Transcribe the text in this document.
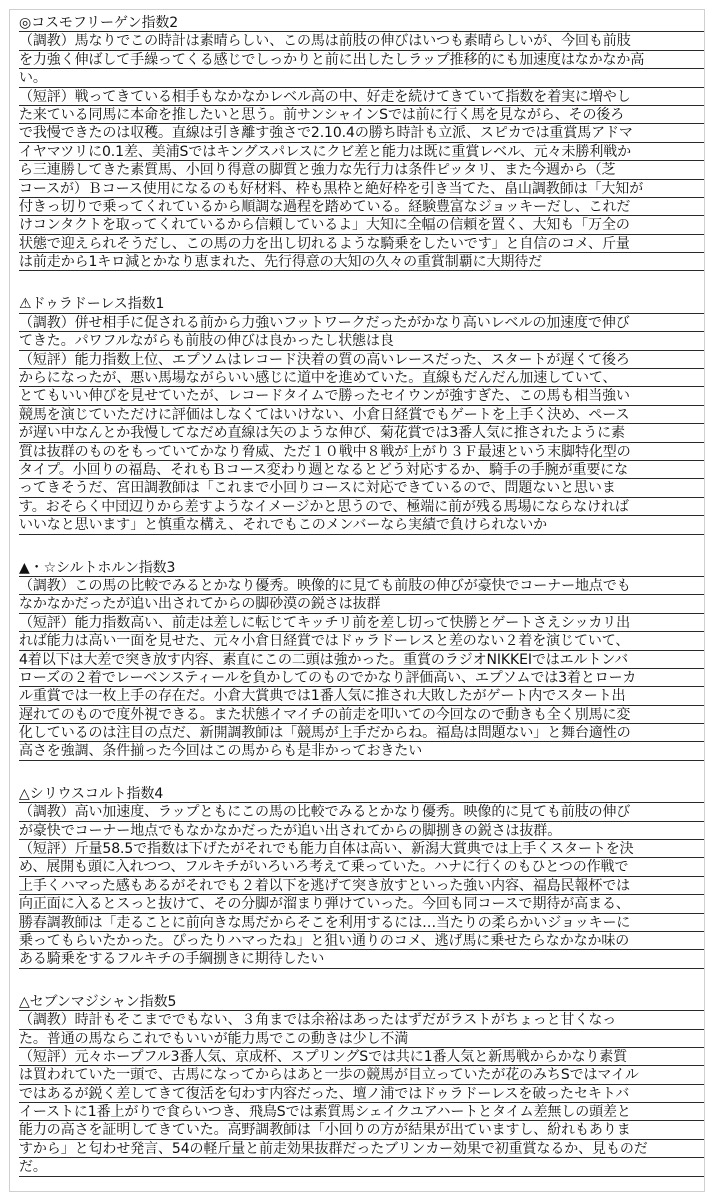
◎コスモフリーゲン指数2
（調教）馬なりでこの時計は素晴らしい、この馬は前肢の伸びはいつも素晴らしいが、今回も前肢
を力強く伸ばして手繰ってくる感じでしっかりと前に出したしラップ推移的にも加速度はなかなか高
い。
（短評）戦ってきている相手もなかなかレベル高の中、好走を続けてきていて指数を着実に増やし
た来ている同馬に本命を推したいと思う。前サンシャインSでは前に行く馬を見ながら、その後ろ
で我慢できたのは収穫。直線は引き離す強さで2.10.4の勝ち時計も立派、スピカでは重賞馬アドマ
イヤマツリに0.1差、美浦Sではキングスパレスにクビ差と能力は既に重賞レベル、元々未勝利戦か
ら三連勝してきた素質馬、小回り得意の脚質と強力な先行力は条件ピッタリ、また今週から（芝
コースが）Ｂコース使用になるのも好材料、枠も黒枠と絶好枠を引き当てた、畠山調教師は「大知が
付きっ切りで乗ってくれているから順調な過程を踏めている。経験豊富なジョッキーだし、これだ
けコンタクトを取ってくれているから信頼しているよ」大知に全幅の信頼を置く、大知も「万全の
状態で迎えられそうだし、この馬の力を出し切れるような騎乗をしたいです」と自信のコメ、斤量
は前走から1キロ減とかなり恵まれた、先行得意の大知の久々の重賞制覇に大期待だ
⚠ドゥラドーレス指数1
（調教）併せ相手に促される前から力強いフットワークだったがかなり高いレベルの加速度で伸び
てきた。パワフルながらも前肢の伸びは良かったし状態は良
（短評）能力指数上位、エプソムはレコード決着の質の高いレースだった、スタートが遅くて後ろ
からになったが、悪い馬場ながらいい感じに道中を進めていた。直線もだんだん加速していて、
とてもいい伸びを見せていたが、レコードタイムで勝ったセイウンが強すぎた、この馬も相当強い
競馬を演じていただけに評価はしなくてはいけない、小倉日経賞でもゲートを上手く決め、ペース
が遅い中なんとか我慢してなだめ直線は矢のような伸び、菊花賞では3番人気に推されたように素
質は抜群のものをもっていてかなり脅威、ただ１０戦中８戦が上がり３Ｆ最速という末脚特化型の
タイプ。小回りの福島、それもＢコース変わり週となるとどう対応するか、騎手の手腕が重要にな
ってきそうだ、宮田調教師は「これまで小回りコースに対応できているので、問題ないと思いま
す。おそらく中団辺りから差すようなイメージかと思うので、極端に前が残る馬場にならなければ
いいなと思います」と慎重な構え、それでもこのメンバーなら実績で負けられないか
▲・☆シルトホルン指数3
（調教）この馬の比較でみるとかなり優秀。映像的に見ても前肢の伸びが豪快でコーナー地点でも
なかなかだったが追い出されてからの脚砂漠の鋭さは抜群
（短評）能力指数高い、前走は差しに転じてキッチリ前を差し切って快勝とゲートさえシッカリ出
れば能力は高い一面を見せた、元々小倉日経賞ではドゥラドーレスと差のない２着を演じていて、
4着以下は大差で突き放す内容、素直にこの二頭は強かった。重賞のラジオNIKKEIではエルトンバ
ローズの２着でレーベンスティールを負かしてのものでかなり評価高い、エプソムでは3着とローカ
ル重賞では一枚上手の存在だ。小倉大賞典では1番人気に推され大敗したがゲート内でスタート出
遅れてのもので度外視できる。また状態イマイチの前走を叩いての今回なので動きも全く別馬に変
化しているのは注目の点だ、新開調教師は「競馬が上手だからね。福島は問題ない」と舞台適性の
高さを強調、条件揃った今回はこの馬からも是非かっておきたい
△シリウスコルト指数4
（調教）高い加速度、ラップともにこの馬の比較でみるとかなり優秀。映像的に見ても前肢の伸び
が豪快でコーナー地点でもなかなかだったが追い出されてからの脚捌きの鋭さは抜群。
（短評）斤量58.5で指数は下げたがそれでも能力自体は高い、新潟大賞典では上手くスタートを決
め、展開も頭に入れつつ、フルキチがいろいろ考えて乗っていた。ハナに行くのもひとつの作戦で
上手くハマった感もあるがそれでも２着以下を逃げて突き放すといった強い内容、福島民報杯では
向正面に入るとスっと抜けて、その分脚が溜まり弾けていった。今回も同コースで期待が高まる、
勝春調教師は「走ることに前向きな馬だからそこを利用するには…当たりの柔らかいジョッキーに
乗ってもらいたかった。ぴったりハマったね」と狙い通りのコメ、逃げ馬に乗せたらなかなか味の
ある騎乗をするフルキチの手綱捌きに期待したい
△セブンマジシャン指数5
（調教）時計もそこまででもない、３角までは余裕はあったはずだがラストがちょっと甘くなっ
た。普通の馬ならこれでもいいが能力馬でこの動きは少し不満
（短評）元々ホープフル3番人気、京成杯、スプリングSでは共に1番人気と新馬戦からかなり素質
は買われていた一頭で、古馬になってからはあと一歩の競馬が目立っていたが花のみちSではマイル
ではあるが鋭く差してきて復活を匂わす内容だった、壇ノ浦ではドゥラドーレスを破ったセキトバ
イーストに1番上がりで食らいつき、飛鳥Sでは素質馬シェイクユアハートとタイム差無しの頭差と
能力の高さを証明してきていた。高野調教師は「小回りの方が結果が出ていますし、紛れもありま
すから」と匂わせ発言、54の軽斤量と前走効果抜群だったブリンカー効果で初重賞なるか、見ものだ
だ。
